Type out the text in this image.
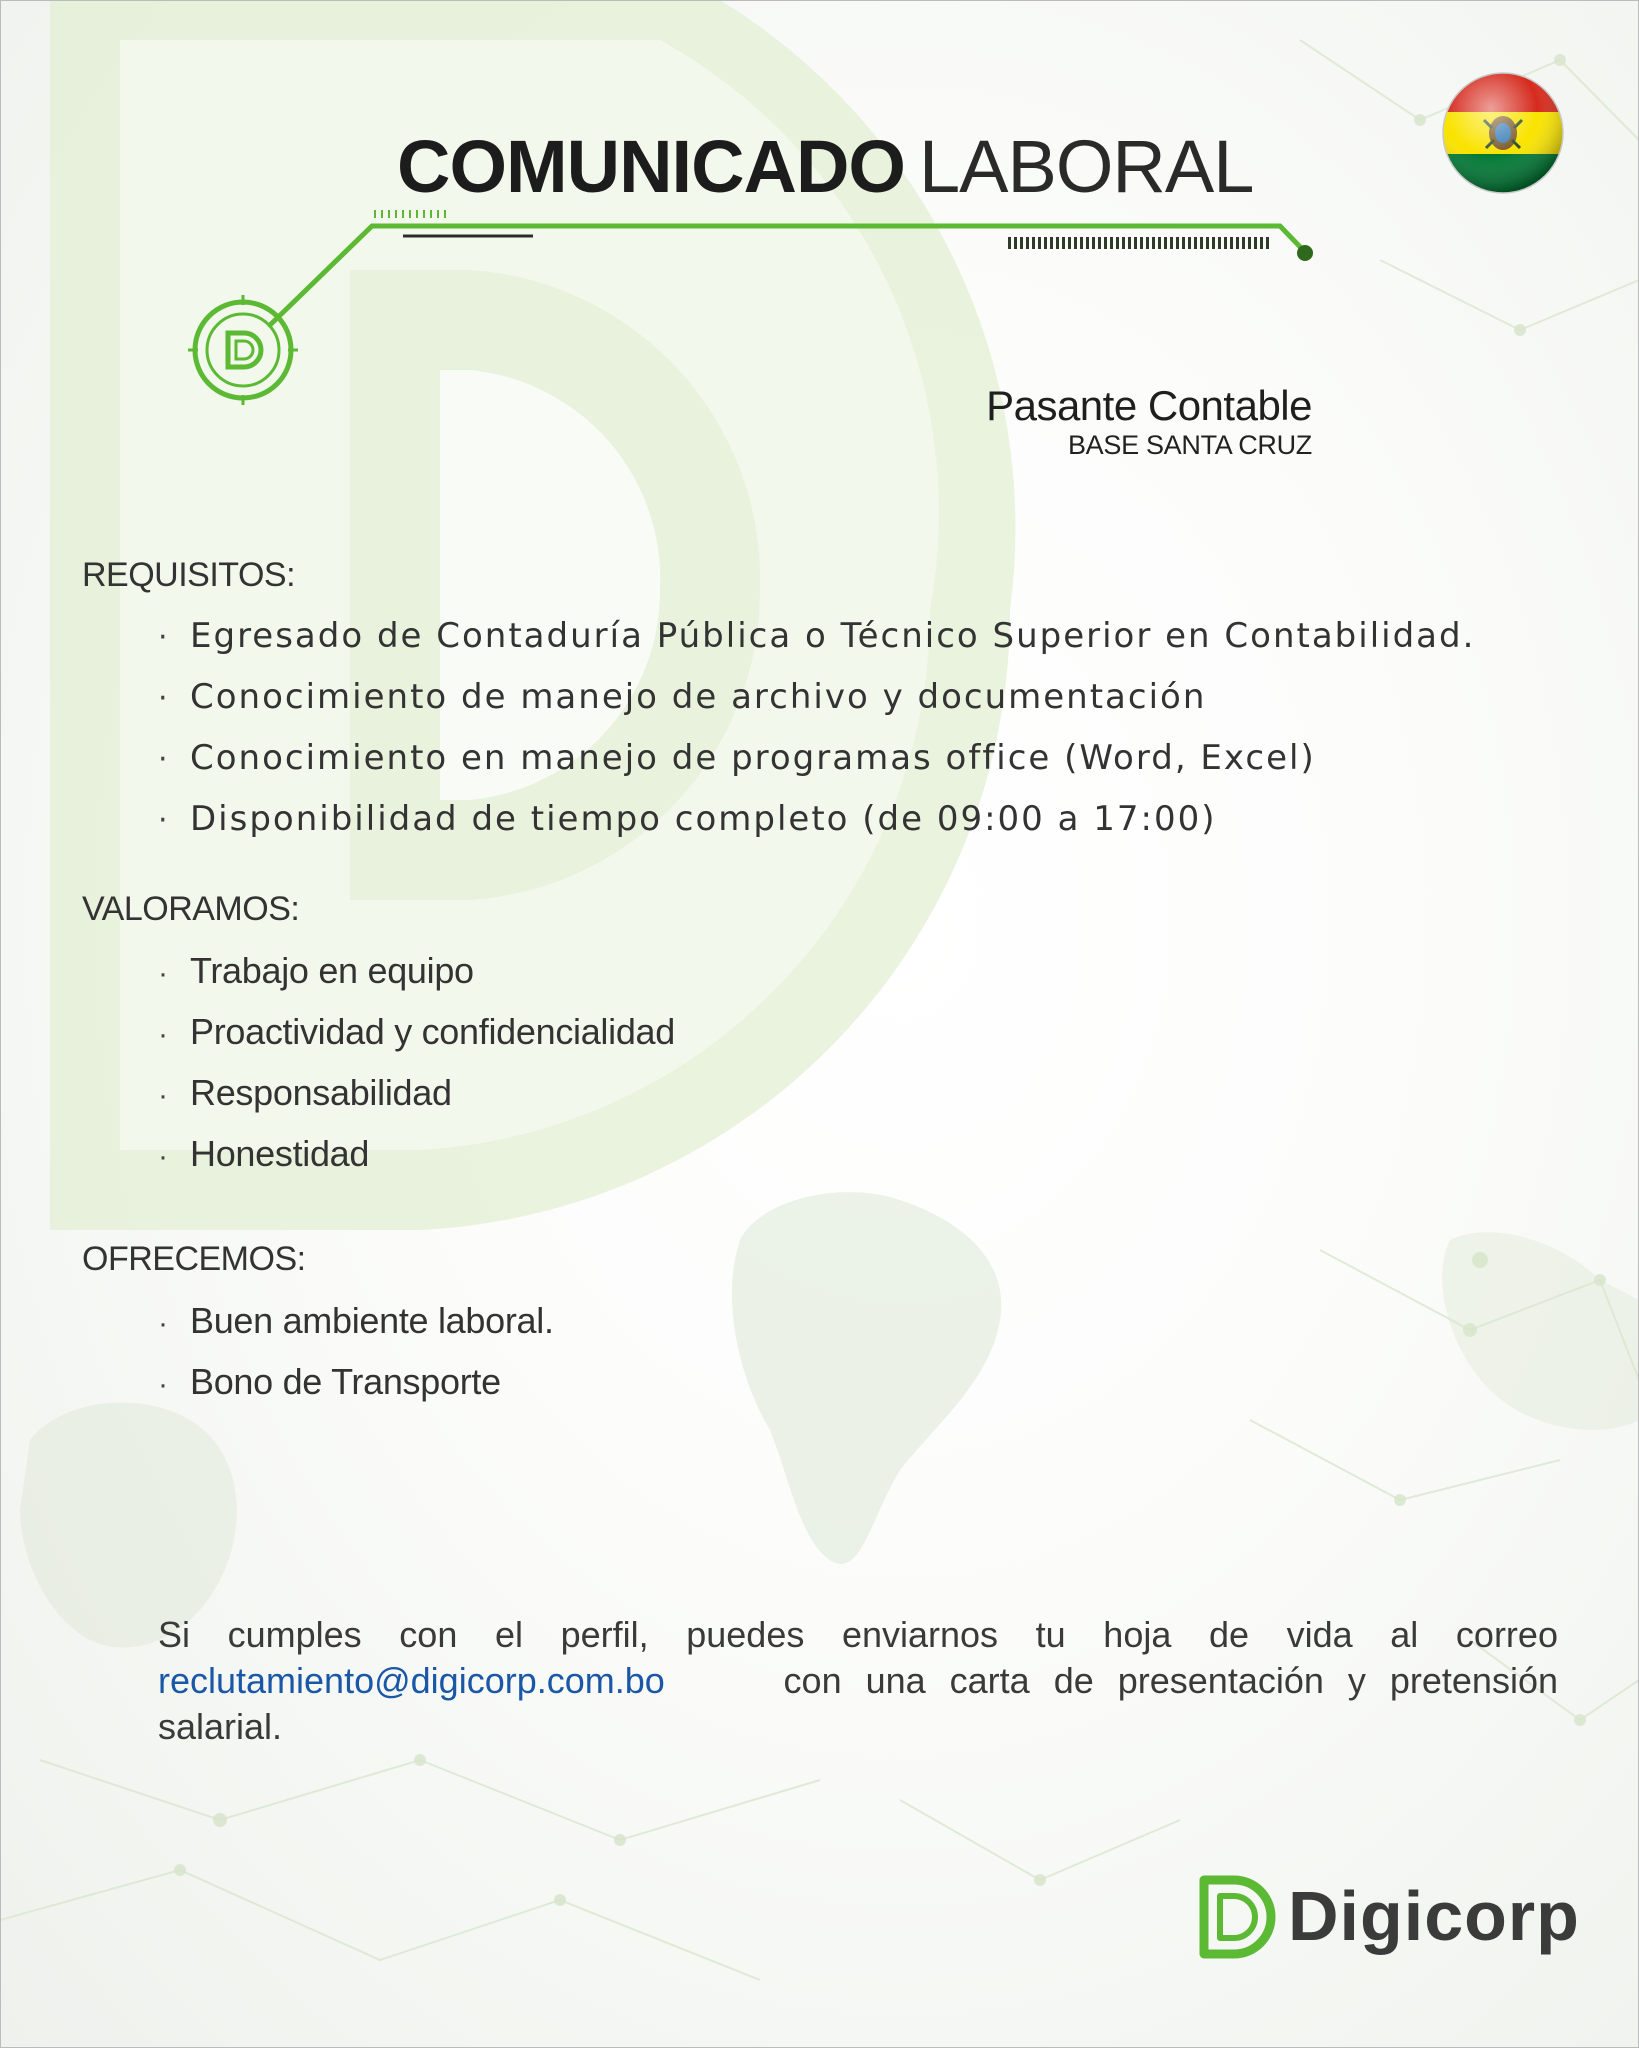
COMUNICADO LABORAL
Pasante Contable
BASE SANTA CRUZ
REQUISITOS:
· Egresado de Contaduría Pública o Técnico Superior en Contabilidad.
· Conocimiento de manejo de archivo y documentación
· Conocimiento en manejo de programas office (Word, Excel)
· Disponibilidad de tiempo completo (de 09:00 a 17:00)
VALORAMOS:
· Trabajo en equipo
· Proactividad y confidencialidad
· Responsabilidad
· Honestidad
OFRECEMOS:
· Buen ambiente laboral.
· Bono de Transporte
Si cumples con el perfil, puedes enviarnos tu hoja de vida al correo
reclutamiento@digicorp.com.bo	con una carta de presentación y pretensión
salarial.
Digicorp
